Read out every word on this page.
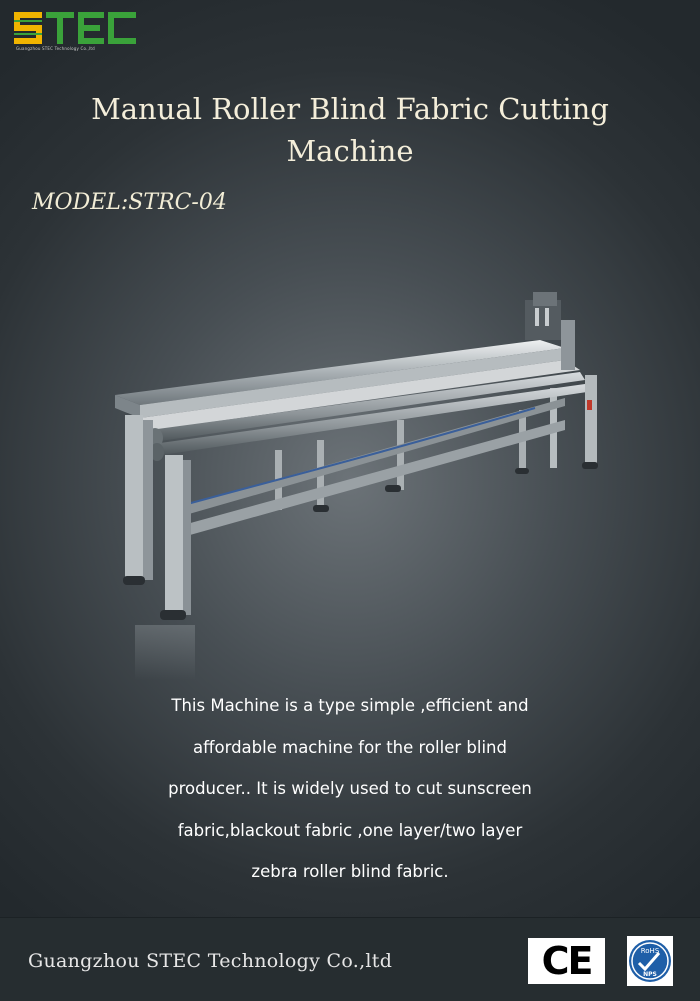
Guangzhou STEC Technology Co.,ltd
Manual Roller Blind Fabric Cutting
Machine
MODEL:STRC-04

This Machine is a type simple ,efficient and
affordable machine for the roller blind
producer.. It is widely used to cut sunscreen
fabric,blackout fabric ,one layer/two layer
zebra roller blind fabric.

Guangzhou STEC Technology Co.,ltd	CE	RoHS
NPS
